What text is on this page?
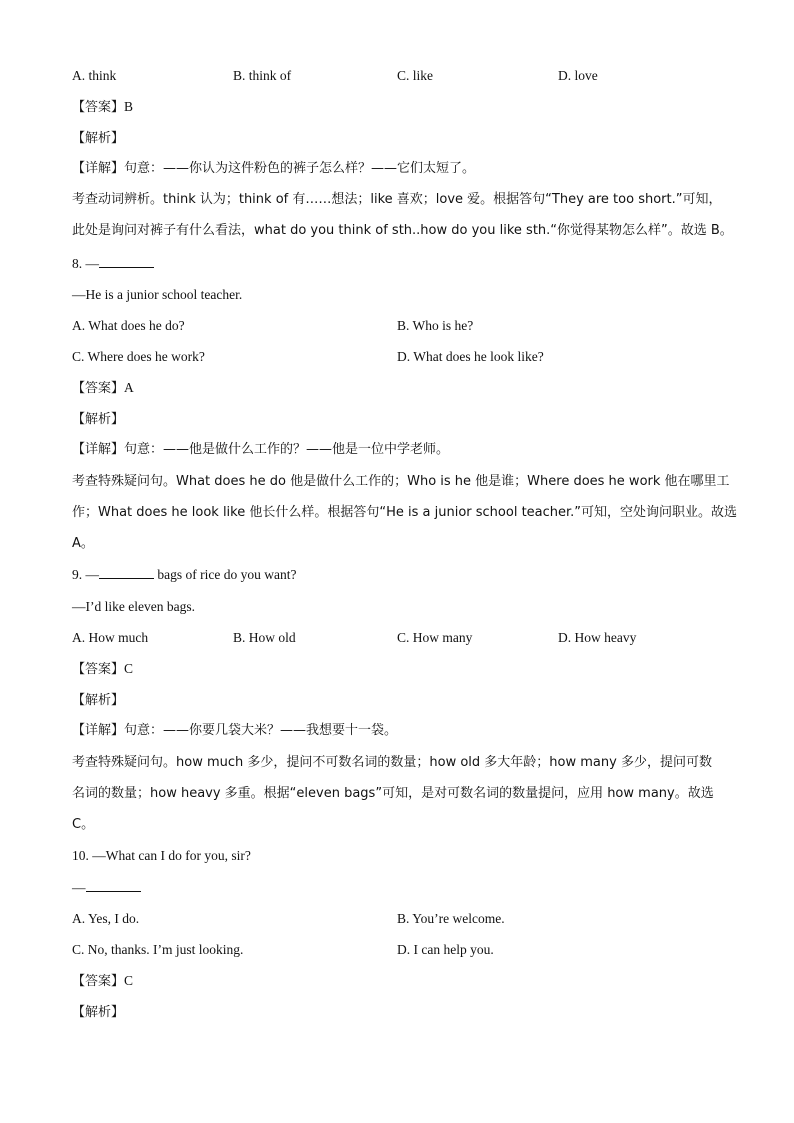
A. think	B. think of	C. like	D. love
【答案】B
【解析】
【详解】句意：——你认为这件粉色的裤子怎么样？——它们太短了。
考查动词辨析。think 认为；think of 有……想法；like 喜欢；love 爱。根据答句“They are too short.”可知，
此处是询问对裤子有什么看法，what do you think of sth..how do you like sth.“你觉得某物怎么样”。故选 B。
8. —
—He is a junior school teacher.
A. What does he do?	B. Who is he?
C. Where does he work?	D. What does he look like?
【答案】A
【解析】
【详解】句意：——他是做什么工作的？——他是一位中学老师。
考查特殊疑问句。What does he do 他是做什么工作的；Who is he 他是谁；Where does he work 他在哪里工
作；What does he look like 他长什么样。根据答句“He is a junior school teacher.”可知，空处询问职业。故选
A。
9. —	bags of rice do you want?
—I’d like eleven bags.
A. How much	B. How old	C. How many	D. How heavy
【答案】C
【解析】
【详解】句意：——你要几袋大米？——我想要十一袋。
考查特殊疑问句。how much 多少，提问不可数名词的数量；how old 多大年龄；how many 多少，提问可数
名词的数量；how heavy 多重。根据“eleven bags”可知，是对可数名词的数量提问，应用 how many。故选
C。
10. —What can I do for you, sir?
—
A. Yes, I do.	B. You’re welcome.
C. No, thanks. I’m just looking.	D. I can help you.
【答案】C
【解析】
